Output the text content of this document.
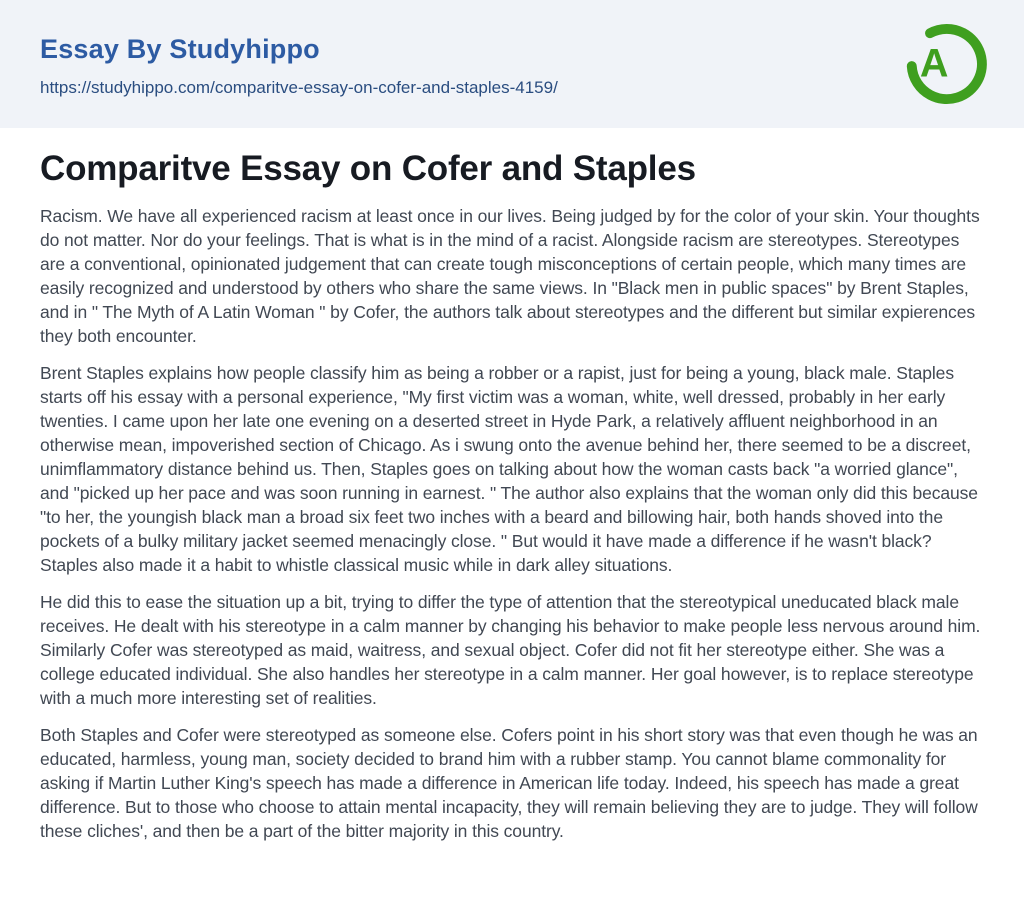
Essay By Studyhippo
https://studyhippo.com/comparitve-essay-on-cofer-and-staples-4159/
A
Comparitve Essay on Cofer and Staples

Racism. We have all experienced racism at least once in our lives. Being judged by for the color of your skin. Your thoughts do not matter. Nor do your feelings. That is what is in the mind of a racist. Alongside racism are stereotypes. Stereotypes are a conventional, opinionated judgement that can create tough misconceptions of certain people, which many times are easily recognized and understood by others who share the same views. In "Black men in public spaces" by Brent Staples, and in " The Myth of A Latin Woman " by Cofer, the authors talk about stereotypes and the different but similar expierences they both encounter.

Brent Staples explains how people classify him as being a robber or a rapist, just for being a young, black male. Staples starts off his essay with a personal experience, "My first victim was a woman, white, well dressed, probably in her early twenties. I came upon her late one evening on a deserted street in Hyde Park, a relatively affluent neighborhood in an otherwise mean, impoverished section of Chicago. As i swung onto the avenue behind her, there seemed to be a discreet, unimflammatory distance behind us. Then, Staples goes on talking about how the woman casts back "a worried glance", and "picked up her pace and was soon running in earnest. " The author also explains that the woman only did this because "to her, the youngish black man a broad six feet two inches with a beard and billowing hair, both hands shoved into the pockets of a bulky military jacket seemed menacingly close. " But would it have made a difference if he wasn't black? Staples also made it a habit to whistle classical music while in dark alley situations.

He did this to ease the situation up a bit, trying to differ the type of attention that the stereotypical uneducated black male receives. He dealt with his stereotype in a calm manner by changing his behavior to make people less nervous around him. Similarly Cofer was stereotyped as maid, waitress, and sexual object. Cofer did not fit her stereotype either. She was a college educated individual. She also handles her stereotype in a calm manner. Her goal however, is to replace stereotype with a much more interesting set of realities.

Both Staples and Cofer were stereotyped as someone else. Cofers point in his short story was that even though he was an educated, harmless, young man, society decided to brand him with a rubber stamp. You cannot blame commonality for asking if Martin Luther King's speech has made a difference in American life today. Indeed, his speech has made a great difference. But to those who choose to attain mental incapacity, they will remain believing they are to judge. They will follow these cliches', and then be a part of the bitter majority in this country.
